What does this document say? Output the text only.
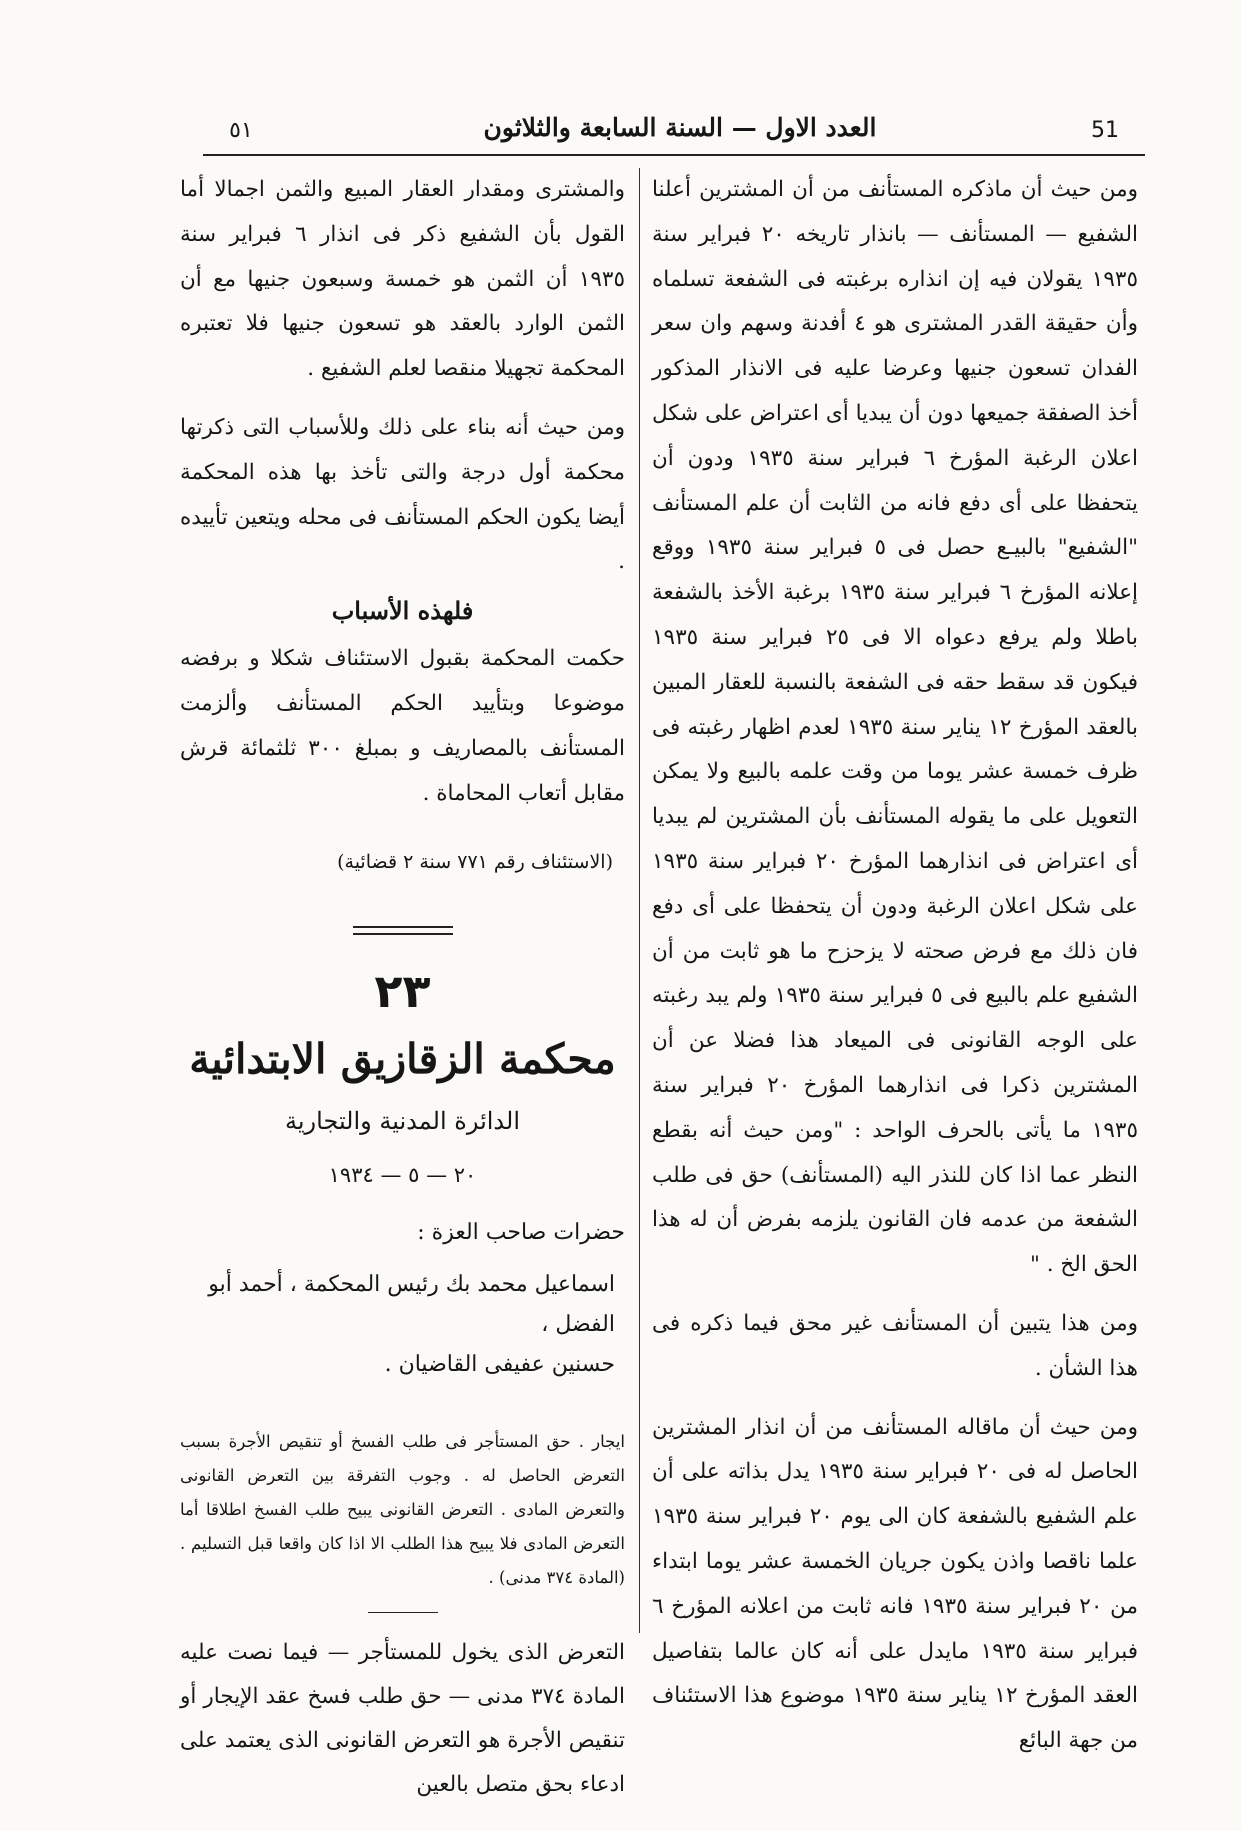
٥١	العدد الاول — السنة السابعة والثلاثون	51

ومن حيث أن ماذكره المستأنف من أن المشترين أعلنا الشفيع — المستأنف — بانذار تاريخه ٢٠ فبراير سنة ١٩٣٥ يقولان فيه إن انذاره برغبته فى الشفعة تسلماه وأن حقيقة القدر المشترى هو ٤ أفدنة وسهم وان سعر الفدان تسعون جنيها وعرضا عليه فى الانذار المذكور أخذ الصفقة جميعها دون أن يبديا أى اعتراض على شكل اعلان الرغبة المؤرخ ٦ فبراير سنة ١٩٣٥ ودون أن يتحفظا على أى دفع فانه من الثابت أن علم المستأنف "الشفيع" بالبيـع حصل فى ٥ فبراير سنة ١٩٣٥ ووقع إعلانه المؤرخ ٦ فبراير سنة ١٩٣٥ برغبة الأخذ بالشفعة باطلا ولم يرفع دعواه الا فى ٢٥ فبراير سنة ١٩٣٥ فيكون قد سقط حقه فى الشفعة بالنسبة للعقار المبين بالعقد المؤرخ ١٢ يناير سنة ١٩٣٥ لعدم اظهار رغبته فى ظرف خمسة عشر يوما من وقت علمه بالبيع ولا يمكن التعويل على ما يقوله المستأنف بأن المشترين لم يبديا أى اعتراض فى انذارهما المؤرخ ٢٠ فبراير سنة ١٩٣٥ على شكل اعلان الرغبة ودون أن يتحفظا على أى دفع فان ذلك مع فرض صحته لا يزحزح ما هو ثابت من أن الشفيع علم بالبيع فى ٥ فبراير سنة ١٩٣٥ ولم يبد رغبته على الوجه القانونى فى الميعاد هذا فضلا عن أن المشترين ذكرا فى انذارهما المؤرخ ٢٠ فبراير سنة ١٩٣٥ ما يأتى بالحرف الواحد : "ومن حيث أنه بقطع النظر عما اذا كان للنذر اليه (المستأنف) حق فى طلب الشفعة من عدمه فان القانون يلزمه بفرض أن له هذا الحق الخ . "

ومن هذا يتبين أن المستأنف غير محق فيما ذكره فى هذا الشأن .

ومن حيث أن ماقاله المستأنف من أن انذار المشترين الحاصل له فى ٢٠ فبراير سنة ١٩٣٥ يدل بذاته على أن علم الشفيع بالشفعة كان الى يوم ٢٠ فبراير سنة ١٩٣٥ علما ناقصا واذن يكون جريان الخمسة عشر يوما ابتداء من ٢٠ فبراير سنة ١٩٣٥ فانه ثابت من اعلانه المؤرخ ٦ فبراير سنة ١٩٣٥ مايدل على أنه كان عالما بتفاصيل العقد المؤرخ ١٢ يناير سنة ١٩٣٥ موضوع هذا الاستئناف من جهة البائع

والمشترى ومقدار العقار المبيع والثمن اجمالا أما القول بأن الشفيع ذكر فى انذار ٦ فبراير سنة ١٩٣٥ أن الثمن هو خمسة وسبعون جنيها مع أن الثمن الوارد بالعقد هو تسعون جنيها فلا تعتبره المحكمة تجهيلا منقصا لعلم الشفيع .

ومن حيث أنه بناء على ذلك وللأسباب التى ذكرتها محكمة أول درجة والتى تأخذ بها هذه المحكمة أيضا يكون الحكم المستأنف فى محله ويتعين تأييده .

فلهذه الأسباب

حكمت المحكمة بقبول الاستئناف شكلا و برفضه موضوعا وبتأييد الحكم المستأنف وألزمت المستأنف بالمصاريف و بمبلغ ٣٠٠ ثلثمائة قرش مقابل أتعاب المحاماة .

(الاستئناف رقم ٧٧١ سنة ٢ قضائية)
٢٣
محكمة الزقازيق الابتدائية
الدائرة المدنية والتجارية
٢٠ — ٥ — ١٩٣٤
حضرات صاحب العزة :
اسماعيل محمد بك رئيس المحكمة ، أحمد أبو الفضل ،
حسنين عفيفى القاضيان .

ايجار . حق المستأجر فى طلب الفسخ أو تنقيص الأجرة بسبب التعرض الحاصل له . وجوب التفرقة بين التعرض القانونى والتعرض المادى . التعرض القانونى يبيح طلب الفسخ اطلاقا أما التعرض المادى فلا يبيح هذا الطلب الا اذا كان واقعا قبل التسليم . (المادة ٣٧٤ مدنى) .

التعرض الذى يخول للمستأجر — فيما نصت عليه المادة ٣٧٤ مدنى — حق طلب فسخ عقد الإيجار أو تنقيص الأجرة هو التعرض القانونى الذى يعتمد على ادعاء بحق متصل بالعين
